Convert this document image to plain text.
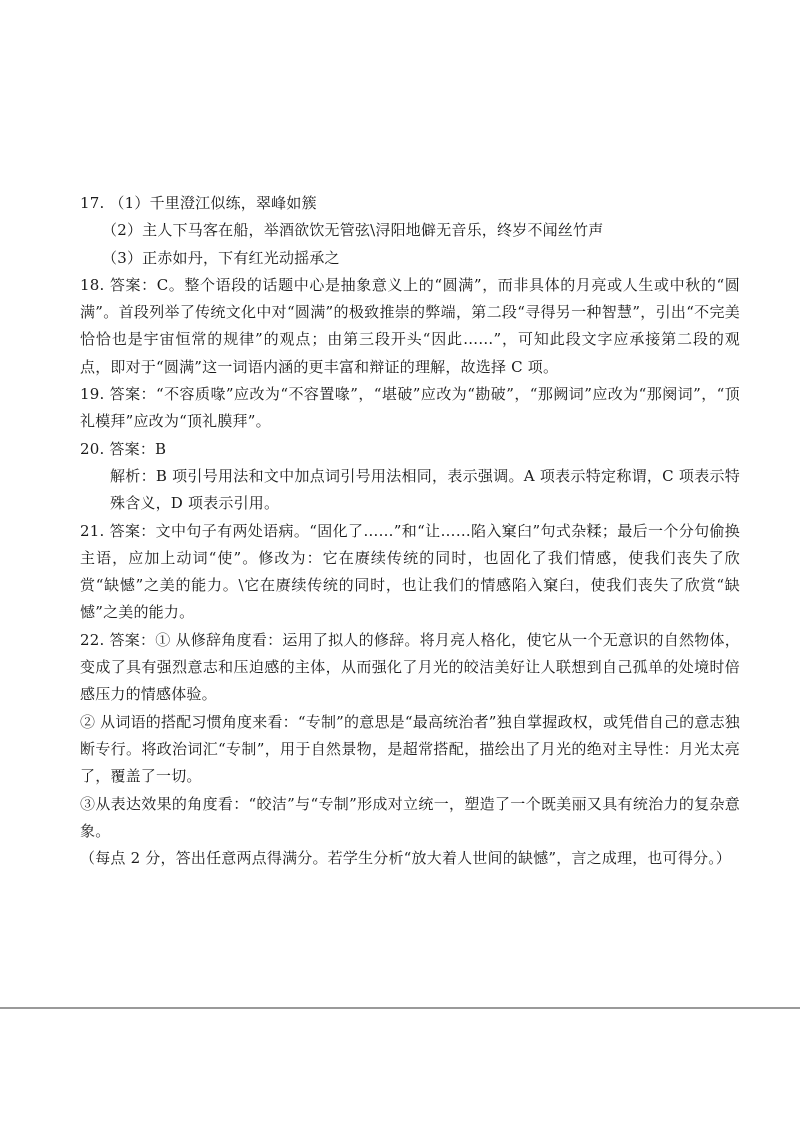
17. （1）千里澄江似练，翠峰如簇

（2）主人下马客在船，举酒欲饮无管弦\浔阳地僻无音乐，终岁不闻丝竹声

（3）正赤如丹，下有红光动摇承之

18. 答案：C。整个语段的话题中心是抽象意义上的“圆满”，而非具体的月亮或人生或中秋的“圆满”。首段列举了传统文化中对“圆满”的极致推崇的弊端，第二段“寻得另一种智慧”，引出“不完美恰恰也是宇宙恒常的规律”的观点；由第三段开头“因此……”，可知此段文字应承接第二段的观点，即对于“圆满”这一词语内涵的更丰富和辩证的理解，故选择 C 项。

19. 答案：“不容质喙”应改为“不容置喙”，“堪破”应改为“勘破”，“那阙词”应改为“那阕词”，“顶礼模拜”应改为“顶礼膜拜”。

20. 答案：B

解析：B 项引号用法和文中加点词引号用法相同，表示强调。A 项表示特定称谓，C 项表示特殊含义，D 项表示引用。

21. 答案：文中句子有两处语病。“固化了……”和“让……陷入窠臼”句式杂糅；最后一个分句偷换主语，应加上动词“使”。修改为：它在赓续传统的同时，也固化了我们情感，使我们丧失了欣赏“缺憾”之美的能力。\它在赓续传统的同时，也让我们的情感陷入窠臼，使我们丧失了欣赏“缺憾”之美的能力。

22. 答案：① 从修辞角度看：运用了拟人的修辞。将月亮人格化，使它从一个无意识的自然物体，变成了具有强烈意志和压迫感的主体，从而强化了月光的皎洁美好让人联想到自己孤单的处境时倍感压力的情感体验。

② 从词语的搭配习惯角度来看：“专制”的意思是“最高统治者”独自掌握政权，或凭借自己的意志独断专行。将政治词汇“专制”，用于自然景物，是超常搭配，描绘出了月光的绝对主导性：月光太亮了，覆盖了一切。

③从表达效果的角度看：“皎洁”与“专制”形成对立统一，塑造了一个既美丽又具有统治力的复杂意象。

（每点 2 分，答出任意两点得满分。若学生分析“放大着人世间的缺憾”，言之成理，也可得分。）
